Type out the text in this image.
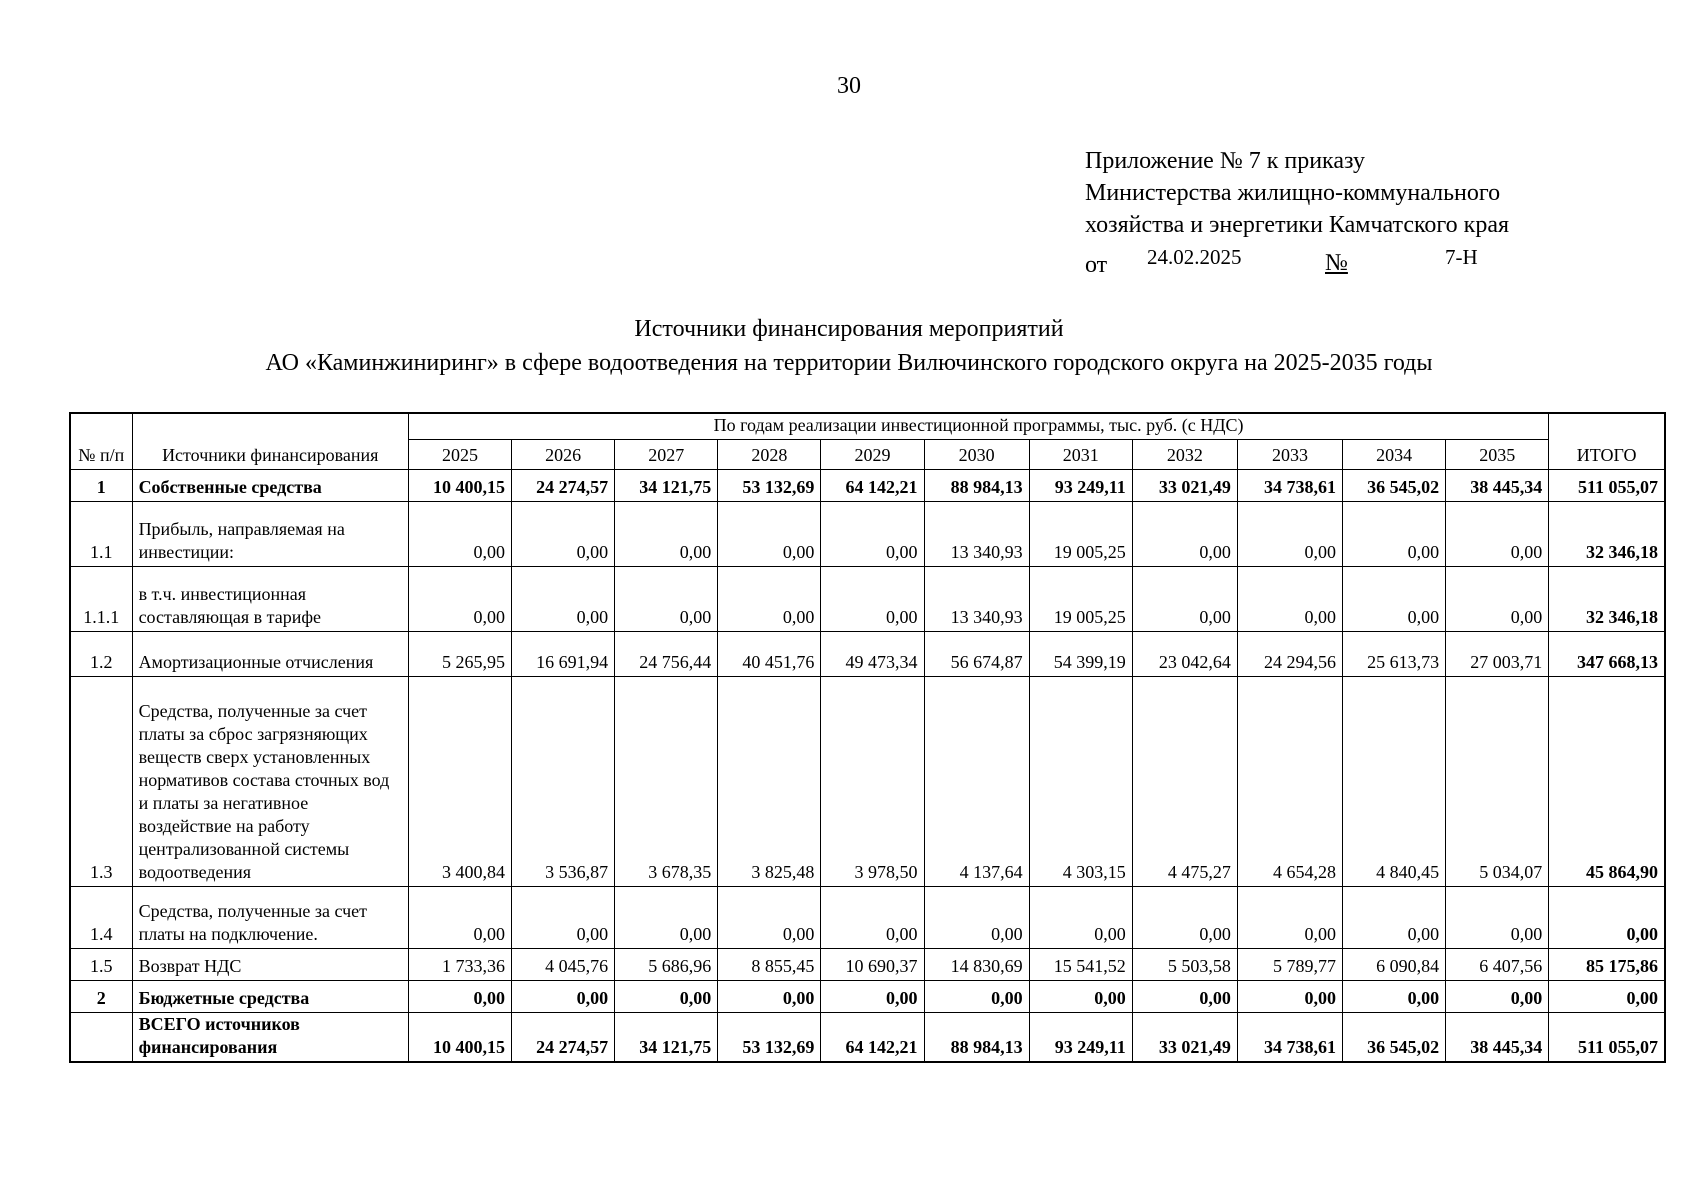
30
Приложение № 7 к приказу
Министерства жилищно-коммунального
хозяйства и энергетики Камчатского края
от 24.02.2025	№	7-Н
Источники финансирования мероприятий
АО «Каминжиниринг» в сфере водоотведения на территории Вилючинского городского округа на 2025-2035 годы
№ п/п	Источники финансирования	По годам реализации инвестиционной программы, тыс. руб. (с НДС)											ИТОГО
		2025	2026	2027	2028	2029	2030	2031	2032	2033	2034	2035	
1	Собственные средства	10 400,15	24 274,57	34 121,75	53 132,69	64 142,21	88 984,13	93 249,11	33 021,49	34 738,61	36 545,02	38 445,34	511 055,07
1.1	Прибыль, направляемая на инвестиции:	0,00	0,00	0,00	0,00	0,00	13 340,93	19 005,25	0,00	0,00	0,00	0,00	32 346,18
1.1.1	в т.ч. инвестиционная составляющая в тарифе	0,00	0,00	0,00	0,00	0,00	13 340,93	19 005,25	0,00	0,00	0,00	0,00	32 346,18
1.2	Амортизационные отчисления	5 265,95	16 691,94	24 756,44	40 451,76	49 473,34	56 674,87	54 399,19	23 042,64	24 294,56	25 613,73	27 003,71	347 668,13
1.3	Средства, полученные за счет платы за сброс загрязняющих веществ сверх установленных нормативов состава сточных вод и платы за негативное воздействие на работу централизованной системы водоотведения	3 400,84	3 536,87	3 678,35	3 825,48	3 978,50	4 137,64	4 303,15	4 475,27	4 654,28	4 840,45	5 034,07	45 864,90
1.4	Средства, полученные за счет платы на подключение.	0,00	0,00	0,00	0,00	0,00	0,00	0,00	0,00	0,00	0,00	0,00	0,00
1.5	Возврат НДС	1 733,36	4 045,76	5 686,96	8 855,45	10 690,37	14 830,69	15 541,52	5 503,58	5 789,77	6 090,84	6 407,56	85 175,86
2	Бюджетные средства	0,00	0,00	0,00	0,00	0,00	0,00	0,00	0,00	0,00	0,00	0,00	0,00
	ВСЕГО источников финансирования	10 400,15	24 274,57	34 121,75	53 132,69	64 142,21	88 984,13	93 249,11	33 021,49	34 738,61	36 545,02	38 445,34	511 055,07
